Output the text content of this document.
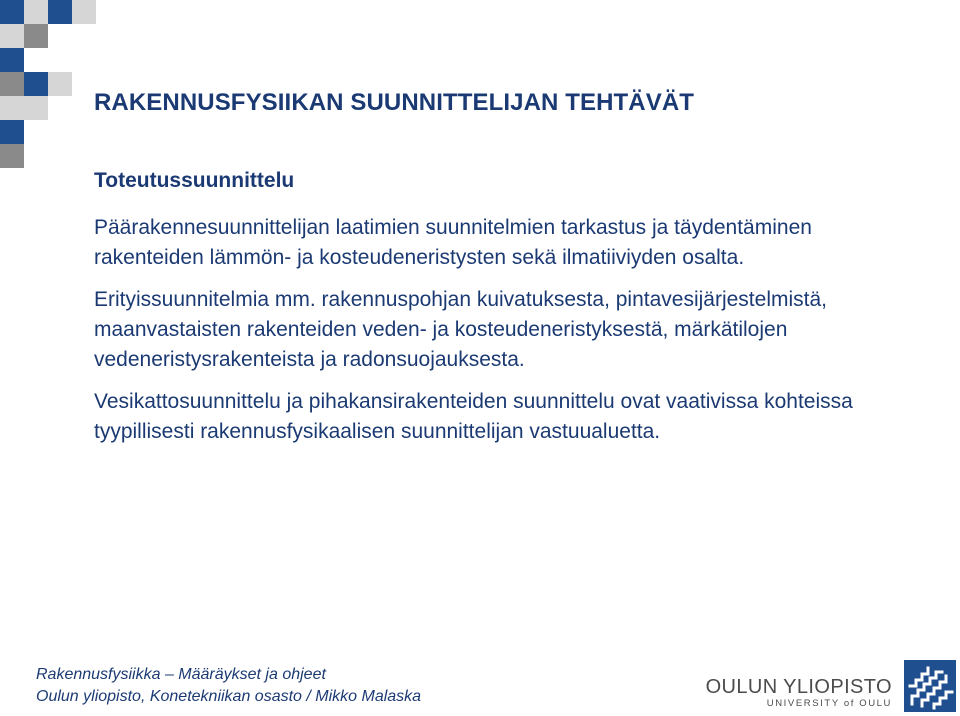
RAKENNUSFYSIIKAN SUUNNITTELIJAN TEHTÄVÄT
Toteutussuunnittelu

Päärakennesuunnittelijan laatimien suunnitelmien tarkastus ja täydentäminen rakenteiden lämmön- ja kosteudeneristysten sekä ilmatiiviyden osalta.

Erityissuunnitelmia mm. rakennuspohjan kuivatuksesta, pintavesijärjestelmistä, maanvastaisten rakenteiden veden- ja kosteudeneristyksestä, märkätilojen vedeneristysrakenteista ja radonsuojauksesta.

Vesikattosuunnittelu ja pihakansirakenteiden suunnittelu ovat vaativissa kohteissa tyypillisesti rakennusfysikaalisen suunnittelijan vastuualuetta.

Rakennusfysiikka – Määräykset ja ohjeet
Oulun yliopisto, Konetekniikan osasto / Mikko Malaska	OULUN YLIOPISTO
UNIVERSITY of OULU
